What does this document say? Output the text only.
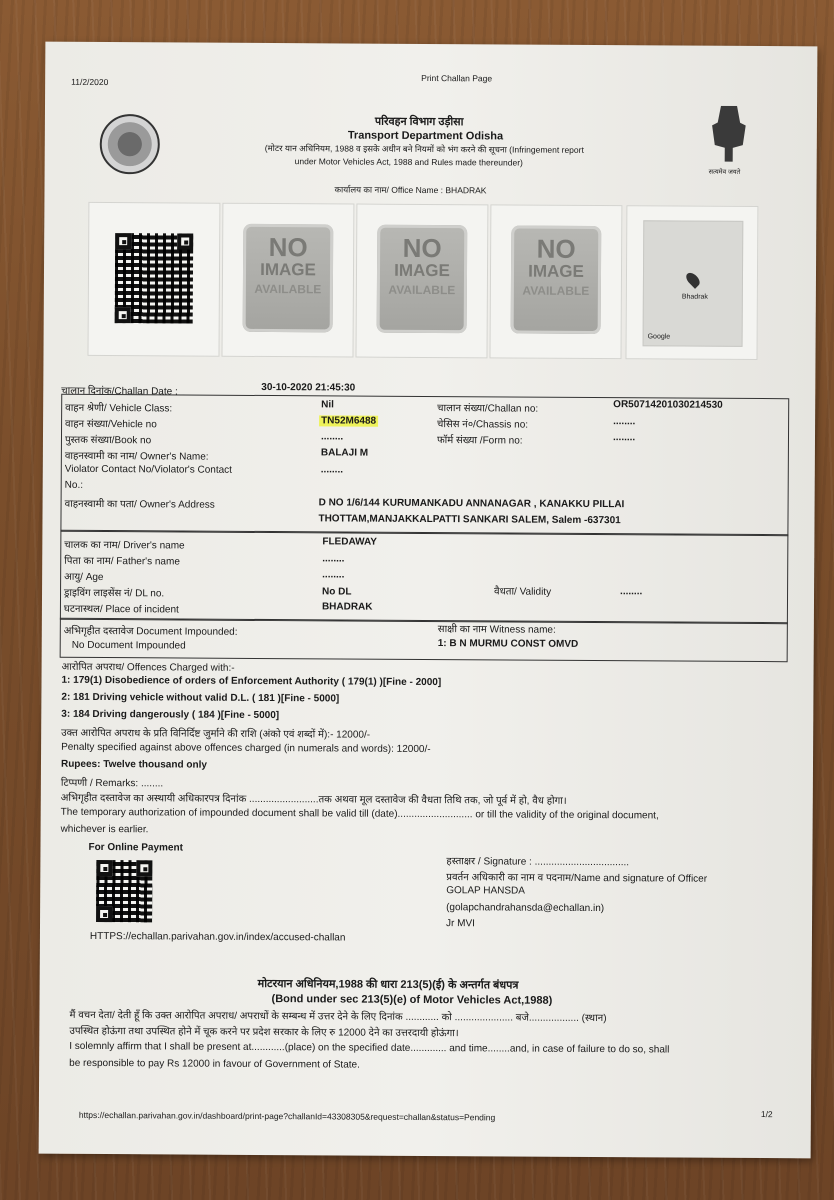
11/2/2020	Print Challan Page
परिवहन विभाग उड़ीसा
Transport Department Odisha
(मोटर यान अधिनियम, 1988 व इसके अधीन बने नियमों को भंग करने की सूचना (Infringement report
under Motor Vehicles Act, 1988 and Rules made thereunder)
कार्यालय का नाम/ Office Name : BHADRAK
सत्यमेव जयते
NO
IMAGE
AVAILABLE
NO
IMAGE
AVAILABLE
NO
IMAGE
AVAILABLE	Bhadrak
Google
चालान दिनांक/Challan Date :	30-10-2020 21:45:30
वाहन श्रेणी/ Vehicle Class:	Nil	चालान संख्या/Challan no:	OR50714201030214530
वाहन संख्या/Vehicle no	TN52M6488	चेसिस नं०/Chassis no:	........
पुस्तक संख्या/Book no	........	फॉर्म संख्या /Form no:	........
वाहनस्वामी का नाम/ Owner's Name:	BALAJI M
Violator Contact No/Violator's Contact	........
No.:
वाहनस्वामी का पता/ Owner's Address	D NO 1/6/144 KURUMANKADU ANNANAGAR , KANAKKU PILLAI
THOTTAM,MANJAKKALPATTI SANKARI SALEM, Salem -637301
चालक का नाम/ Driver's name	FLEDAWAY
पिता का नाम/ Father's name	........
आयु/ Age	........
ड्राइविंग लाइसेंस नं/ DL no.	No DL	वैधता/ Validity	........
घटनास्थल/ Place of incident	BHADRAK
अभिगृहीत दस्तावेज Document Impounded:
No Document Impounded
साक्षी का नाम Witness name:
1: B N MURMU CONST OMVD
आरोपित अपराध/ Offences Charged with:-
1: 179(1) Disobedience of orders of Enforcement Authority ( 179(1) )[Fine - 2000]
2: 181 Driving vehicle without valid D.L. ( 181 )[Fine - 5000]
3: 184 Driving dangerously ( 184 )[Fine - 5000]
उक्त आरोपित अपराध के प्रति विनिर्दिष्ट जुर्माने की राशि (अंको एवं शब्दों में):- 12000/-
Penalty specified against above offences charged (in numerals and words): 12000/-
Rupees: Twelve thousand only
टिप्पणी / Remarks: ........
अभिगृहीत दस्तावेज का अस्थायी अधिकारपत्र दिनांक .........................तक अथवा मूल दस्तावेज की वैधता तिथि तक, जो पूर्व में हो, वैध होगा।
The temporary authorization of impounded document shall be valid till (date)........................... or till the validity of the original document,
whichever is earlier.
For Online Payment
HTTPS://echallan.parivahan.gov.in/index/accused-challan
हस्ताक्षर / Signature : ..................................
प्रवर्तन अधिकारी का नाम व पदनाम/Name and signature of Officer
GOLAP HANSDA
(golapchandrahansda@echallan.in)
Jr MVI
मोटरयान अधिनियम,1988 की धारा 213(5)(ई) के अन्तर्गत बंधपत्र
(Bond under sec 213(5)(e) of Motor Vehicles Act,1988)
मैं वचन देता/ देती हूँ कि उक्त आरोपित अपराध/ अपराधों के सम्बन्ध में उत्तर देने के लिए दिनांक ............ को ..................... बजे.................. (स्थान)
उपस्थित होऊंगा तथा उपस्थित होने में चूक करने पर प्रदेश सरकार के लिए रु 12000 देने का उत्तरदायी होऊंगा।
I solemnly affirm that I shall be present at............(place) on the specified date............. and time........and, in case of failure to do so, shall
be responsible to pay Rs 12000 in favour of Government of State.
https://echallan.parivahan.gov.in/dashboard/print-page?challanId=43308305&request=challan&status=Pending	1/2
